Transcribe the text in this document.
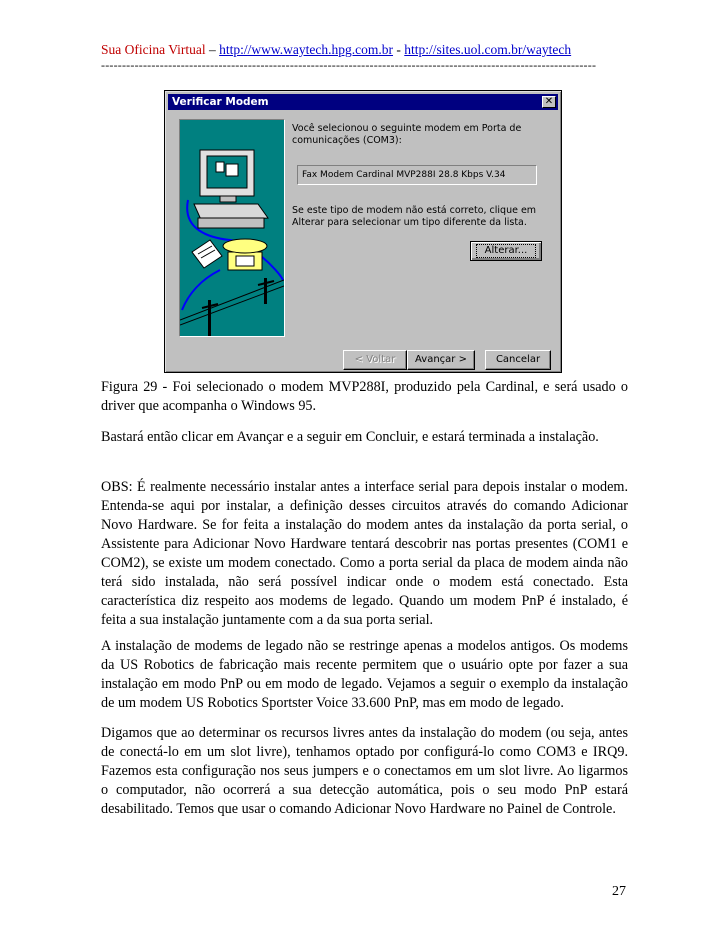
Sua Oficina Virtual – http://www.waytech.hpg.com.br - http://sites.uol.com.br/waytech
----------------------------------------------------------------------------------------------------------------------
Verificar Modem	✕
Você selecionou o seguinte modem em Porta de comunicações (COM3):
Fax Modem Cardinal MVP288I 28.8 Kbps V.34
Se este tipo de modem não está correto, clique em Alterar para selecionar um tipo diferente da lista.
Alterar...
< Voltar	Avançar >	Cancelar
Figura 29 - Foi selecionado o modem MVP288I, produzido pela Cardinal, e será usado o driver que acompanha o Windows 95.
Bastará então clicar em Avançar e a seguir em Concluir, e estará terminada a instalação.
OBS: É realmente necessário instalar antes a interface serial para depois instalar o modem. Entenda-se aqui por instalar, a definição desses circuitos através do comando Adicionar Novo Hardware. Se for feita a instalação do modem antes da instalação da porta serial, o Assistente para Adicionar Novo Hardware tentará descobrir nas portas presentes (COM1 e COM2), se existe um modem conectado. Como a porta serial da placa de modem ainda não terá sido instalada, não será possível indicar onde o modem está conectado. Esta característica diz respeito aos modems de legado. Quando um modem PnP é instalado, é feita a sua instalação juntamente com a da sua porta serial.
A instalação de modems de legado não se restringe apenas a modelos antigos. Os modems da US Robotics de fabricação mais recente permitem que o usuário opte por fazer a sua instalação em modo PnP ou em modo de legado. Vejamos a seguir o exemplo da instalação de um modem US Robotics Sportster Voice 33.600 PnP, mas em modo de legado.
Digamos que ao determinar os recursos livres antes da instalação do modem (ou seja, antes de conectá-lo em um slot livre), tenhamos optado por configurá-lo como COM3 e IRQ9. Fazemos esta configuração nos seus jumpers e o conectamos em um slot livre. Ao ligarmos o computador, não ocorrerá a sua detecção automática, pois o seu modo PnP estará desabilitado. Temos que usar o comando Adicionar Novo Hardware no Painel de Controle.
27
